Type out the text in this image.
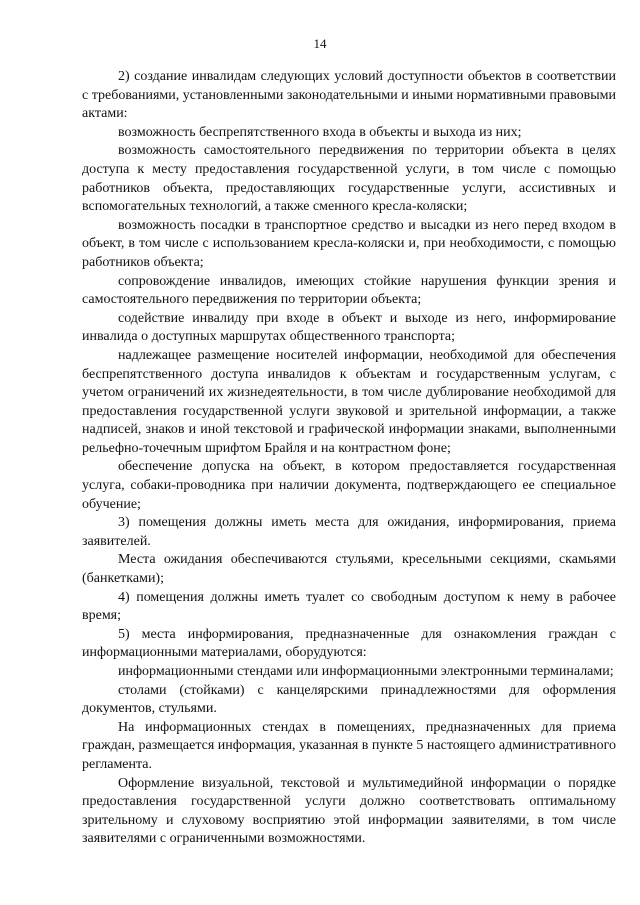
14

2) создание инвалидам следующих условий доступности объектов в соответствии с требованиями, установленными законодательными и иными нормативными правовыми актами:

возможность беспрепятственного входа в объекты и выхода из них;

возможность самостоятельного передвижения по территории объекта в целях доступа к месту предоставления государственной услуги, в том числе с помощью работников объекта, предоставляющих государственные услуги, ассистивных и вспомогательных технологий, а также сменного кресла-коляски;

возможность посадки в транспортное средство и высадки из него перед входом в объект, в том числе с использованием кресла-коляски и, при необходимости, с помощью работников объекта;

сопровождение инвалидов, имеющих стойкие нарушения функции зрения и самостоятельного передвижения по территории объекта;

содействие инвалиду при входе в объект и выходе из него, информирование инвалида о доступных маршрутах общественного транспорта;

надлежащее размещение носителей информации, необходимой для обеспечения беспрепятственного доступа инвалидов к объектам и государственным услугам, с учетом ограничений их жизнедеятельности, в том числе дублирование необходимой для предоставления государственной услуги звуковой и зрительной информации, а также надписей, знаков и иной текстовой и графической информации знаками, выполненными рельефно-точечным шрифтом Брайля и на контрастном фоне;

обеспечение допуска на объект, в котором предоставляется государственная услуга, собаки-проводника при наличии документа, подтверждающего ее специальное обучение;

3) помещения должны иметь места для ожидания, информирования, приема заявителей.

Места ожидания обеспечиваются стульями, кресельными секциями, скамьями (банкетками);

4) помещения должны иметь туалет со свободным доступом к нему в рабочее время;

5) места информирования, предназначенные для ознакомления граждан с информационными материалами, оборудуются:

информационными стендами или информационными электронными терминалами;

столами (стойками) с канцелярскими принадлежностями для оформления документов, стульями.

На информационных стендах в помещениях, предназначенных для приема граждан, размещается информация, указанная в пункте 5 настоящего административного регламента.

Оформление визуальной, текстовой и мультимедийной информации о порядке предоставления государственной услуги должно соответствовать оптимальному зрительному и слуховому восприятию этой информации заявителями, в том числе заявителями с ограниченными возможностями.
